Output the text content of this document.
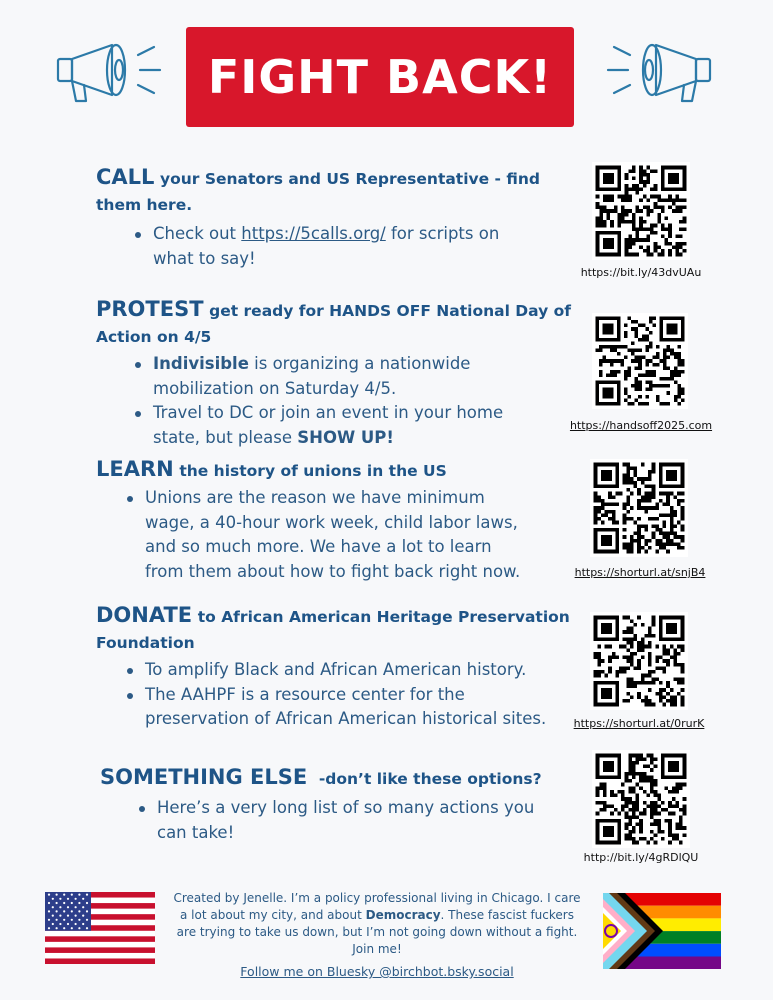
FIGHT BACK!
CALL your Senators and US Representative - find them here.
Check out https://5calls.org/ for scripts on what to say!
https://bit.ly/43dvUAu
PROTEST get ready for HANDS OFF National Day of Action on 4/5
Indivisible is organizing a nationwide mobilization on Saturday 4/5.
Travel to DC or join an event in your home state, but please SHOW UP!
https://handsoff2025.com
LEARN the history of unions in the US
Unions are the reason we have minimum wage, a 40-hour work week, child labor laws, and so much more. We have a lot to learn from them about how to fight back right now.	https://shorturl.at/snjB4
DONATE to African American Heritage Preservation Foundation
To amplify Black and African American history.
The AAHPF is a resource center for the preservation of African American historical sites.	https://shorturl.at/0rurK
SOMETHING ELSE -don’t like these options?
Here’s a very long list of so many actions you can take!
http://bit.ly/4gRDlQU
Created by Jenelle. I’m a policy professional living in Chicago. I care a lot about my city, and about Democracy. These fascist fuckers are trying to take us down, but I’m not going down without a fight. Join me!
Follow me on Bluesky @birchbot.bsky.social
